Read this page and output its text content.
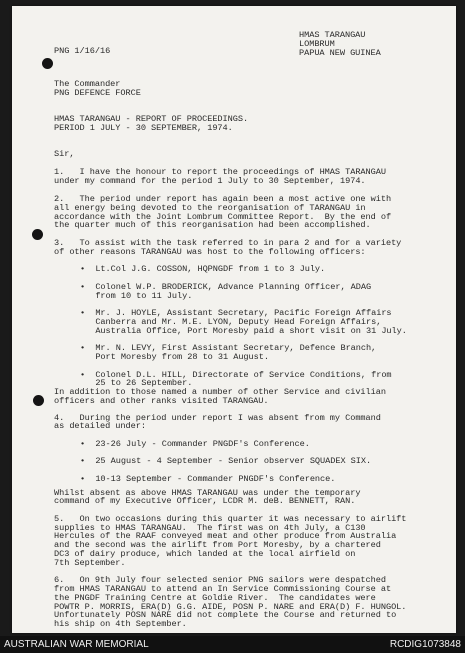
PNG 1/16/16
HMAS TARANGAU
LOMBRUM
PAPUA NEW GUINEA
The Commander
PNG DEFENCE FORCE
HMAS TARANGAU - REPORT OF PROCEEDINGS.
PERIOD 1 JULY - 30 SEPTEMBER, 1974.
Sir,
1.   I have the honour to report the proceedings of HMAS TARANGAU
under my command for the period 1 July to 30 September, 1974.
2.   The period under report has again been a most active one with
all energy being devoted to the reorganisation of TARANGAU in
accordance with the Joint Lombrum Committee Report.  By the end of
the quarter much of this reorganisation had been accomplished.
3.   To assist with the task referred to in para 2 and for a variety
of other reasons TARANGAU was host to the following officers:
•  Lt.Col J.G. COSSON, HQPNGDF from 1 to 3 July.
•  Colonel W.P. BRODERICK, Advance Planning Officer, ADAG
from 10 to 11 July.
•  Mr. J. HOYLE, Assistant Secretary, Pacific Foreign Affairs
Canberra and Mr. M.E. LYON, Deputy Head Foreign Affairs,
Australia Office, Port Moresby paid a short visit on 31 July.
•  Mr. N. LEVY, First Assistant Secretary, Defence Branch,
Port Moresby from 28 to 31 August.
•  Colonel D.L. HILL, Directorate of Service Conditions, from
25 to 26 September.
In addition to those named a number of other Service and civilian
officers and other ranks visited TARANGAU.
4.   During the period under report I was absent from my Command
as detailed under:
•  23-26 July - Commander PNGDF's Conference.
•  25 August - 4 September - Senior observer SQUADEX SIX.
•  10-13 September - Commander PNGDF's Conference.
Whilst absent as above HMAS TARANGAU was under the temporary
command of my Executive Officer, LCDR M. deB. BENNETT, RAN.
5.   On two occasions during this quarter it was necessary to airlift
supplies to HMAS TARANGAU.  The first was on 4th July, a C130
Hercules of the RAAF conveyed meat and other produce from Australia
and the second was the airlift from Port Moresby, by a chartered
DC3 of dairy produce, which landed at the local airfield on
7th September.
6.   On 9th July four selected senior PNG sailors were despatched
from HMAS TARANGAU to attend an In Service Commissioning Course at
the PNGDF Training Centre at Goldie River.  The candidates were
POWTR P. MORRIS, ERA(D) G.G. AIDE, POSN P. NARE and ERA(D) F. HUNGOL.
Unfortunately POSN NARE did not complete the Course and returned to
his ship on 4th September.
AUSTRALIAN WAR MEMORIAL	RCDIG1073848
